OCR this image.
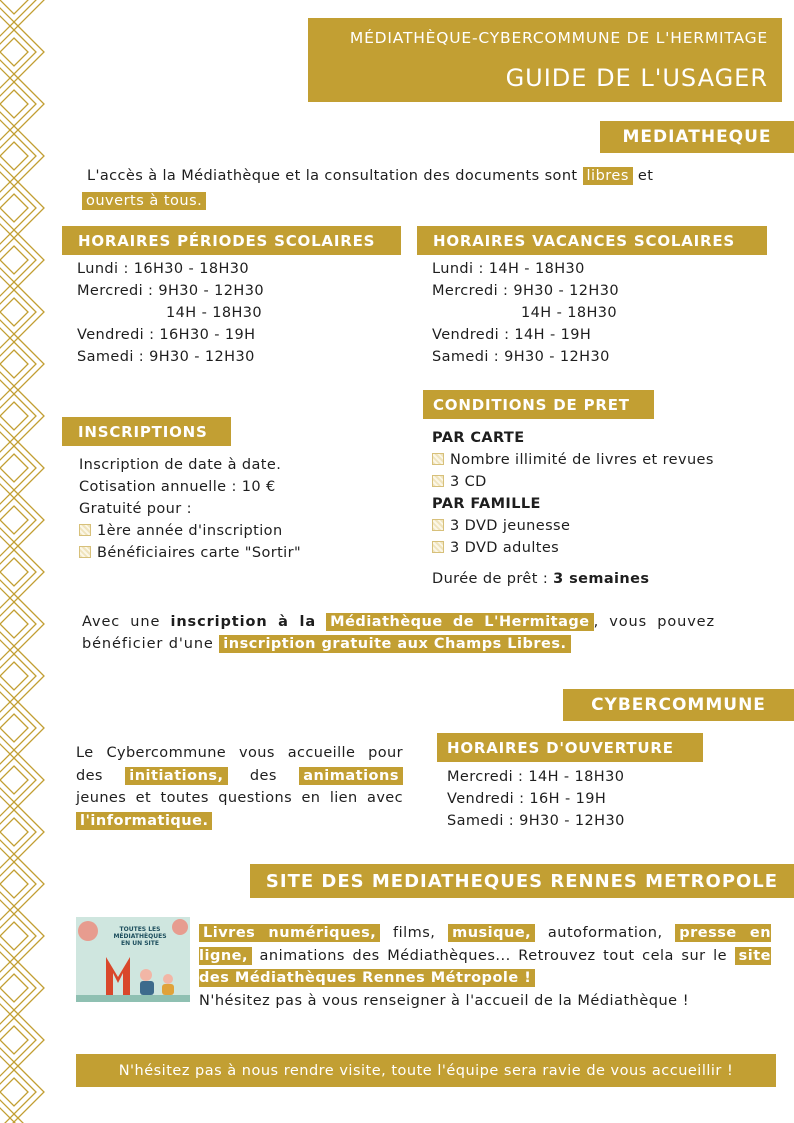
MÉDIATHÈQUE-CYBERCOMMUNE DE L'HERMITAGE
GUIDE DE L'USAGER
MEDIATHEQUE
L'accès à la Médiathèque et la consultation des documents sont libres et
ouverts à tous.
HORAIRES PÉRIODES SCOLAIRES
Lundi : 16H30 - 18H30
Mercredi : 9H30 - 12H30
14H - 18H30
Vendredi : 16H30 - 19H
Samedi : 9H30 - 12H30
HORAIRES VACANCES SCOLAIRES
Lundi : 14H - 18H30
Mercredi : 9H30 - 12H30
14H - 18H30
Vendredi : 14H - 19H
Samedi : 9H30 - 12H30
CONDITIONS DE PRET
PAR CARTE
Nombre illimité de livres et revues
3 CD
PAR FAMILLE
3 DVD jeunesse
3 DVD adultes
Durée de prêt : 3 semaines
INSCRIPTIONS
Inscription de date à date.
Cotisation annuelle : 10 €
Gratuité pour :
1ère année d'inscription
Bénéficiaires carte "Sortir"
Avec une inscription à la Médiathèque de L'Hermitage , vous pouvez bénéficier d'une inscription gratuite aux Champs Libres.
CYBERCOMMUNE
Le Cybercommune vous accueille pour des initiations, des animations jeunes et toutes questions en lien avec l'informatique.
HORAIRES D'OUVERTURE
Mercredi : 14H - 18H30
Vendredi : 16H - 19H
Samedi : 9H30 - 12H30
SITE DES MEDIATHEQUES RENNES METROPOLE
TOUTES LES MÉDIATHÈQUES EN UN SITE
Livres numériques, films, musique, autoformation, presse en ligne, animations des Médiathèques... Retrouvez tout cela sur le site des Médiathèques Rennes Métropole !
N'hésitez pas à vous renseigner à l'accueil de la Médiathèque !
N'hésitez pas à nous rendre visite, toute l'équipe sera ravie de vous accueillir !
